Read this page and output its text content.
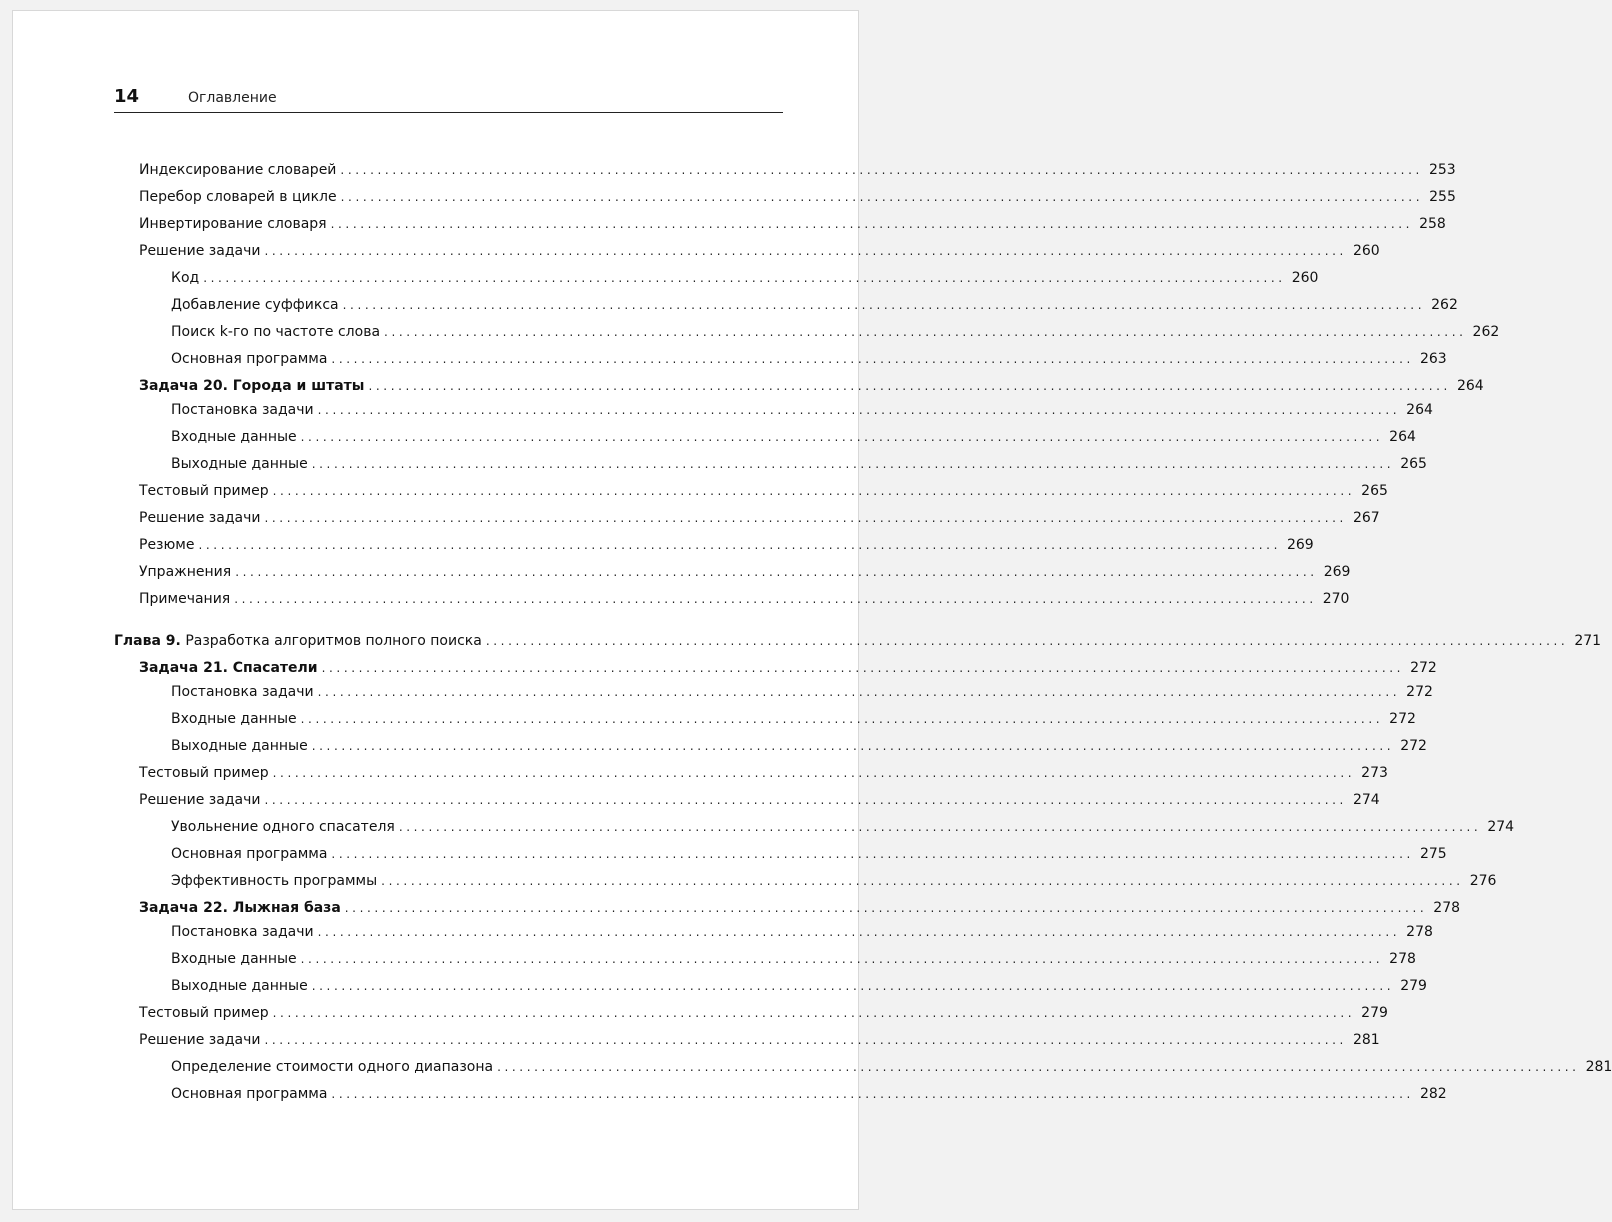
14	Оглавление
Индексирование словарей .................................................................................................................................................. 253
Перебор словарей в цикле .................................................................................................................................................. 255
Инвертирование словаря .................................................................................................................................................. 258
Решение задачи .................................................................................................................................................. 260
Код .................................................................................................................................................. 260
Добавление суффикса .................................................................................................................................................. 262
Поиск k-го по частоте слова .................................................................................................................................................. 262
Основная программа .................................................................................................................................................. 263
Задача 20. Города и штаты .................................................................................................................................................. 264
Постановка задачи .................................................................................................................................................. 264
Входные данные .................................................................................................................................................. 264
Выходные данные .................................................................................................................................................. 265
Тестовый пример .................................................................................................................................................. 265
Решение задачи .................................................................................................................................................. 267
Резюме .................................................................................................................................................. 269
Упражнения .................................................................................................................................................. 269
Примечания .................................................................................................................................................. 270
Глава 9. Разработка алгоритмов полного поиска .................................................................................................................................................. 271
Задача 21. Спасатели .................................................................................................................................................. 272
Постановка задачи .................................................................................................................................................. 272
Входные данные .................................................................................................................................................. 272
Выходные данные .................................................................................................................................................. 272
Тестовый пример .................................................................................................................................................. 273
Решение задачи .................................................................................................................................................. 274
Увольнение одного спасателя .................................................................................................................................................. 274
Основная программа .................................................................................................................................................. 275
Эффективность программы .................................................................................................................................................. 276
Задача 22. Лыжная база .................................................................................................................................................. 278
Постановка задачи .................................................................................................................................................. 278
Входные данные .................................................................................................................................................. 278
Выходные данные .................................................................................................................................................. 279
Тестовый пример .................................................................................................................................................. 279
Решение задачи .................................................................................................................................................. 281
Определение стоимости одного диапазона .................................................................................................................................................. 281
Основная программа .................................................................................................................................................. 282
